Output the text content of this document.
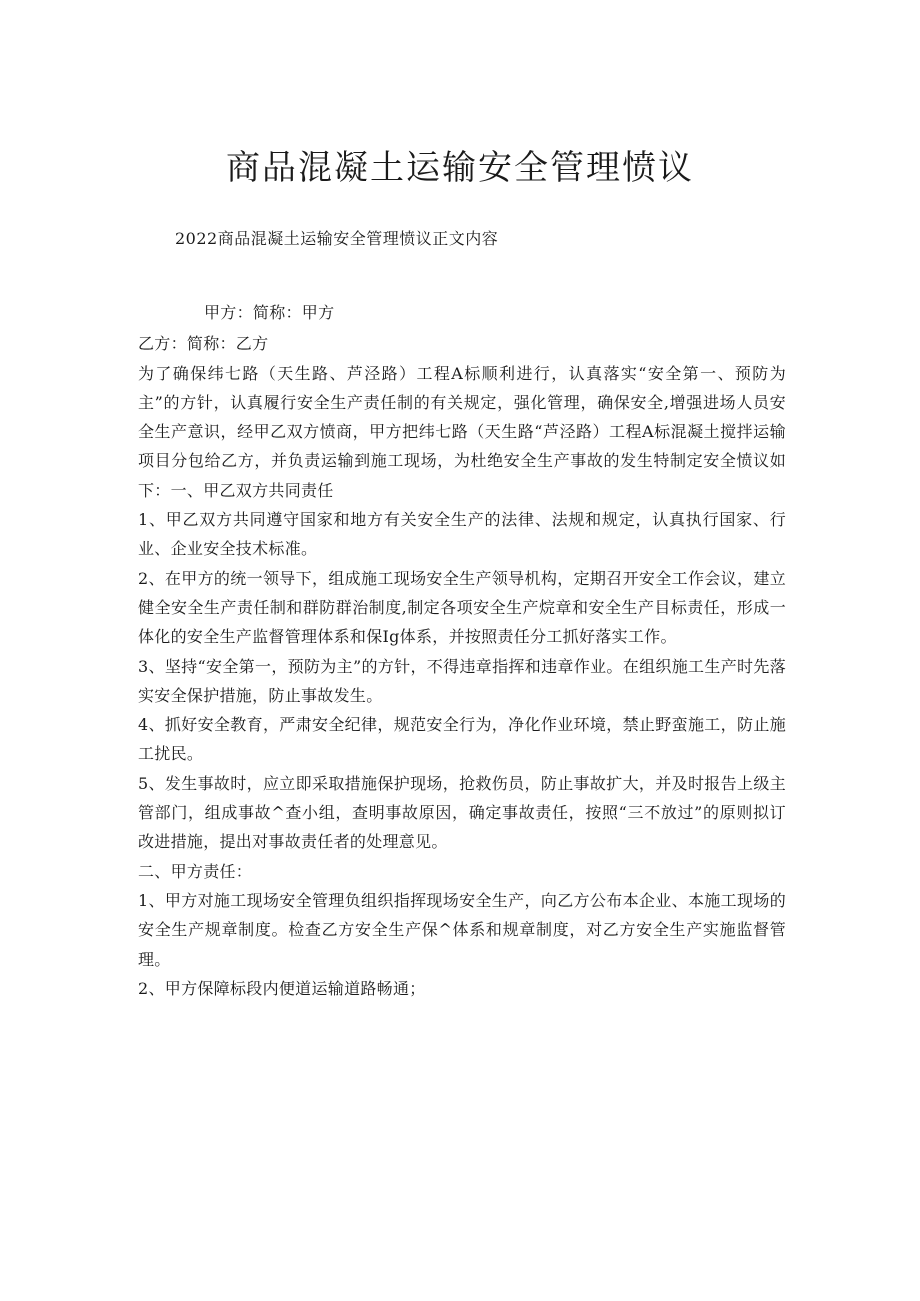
商品混凝土运输安全管理愤议
2022商品混凝土运输安全管理愤议正文内容

甲方：简称：甲方

乙方：简称：乙方

为了确保纬七路（天生路、芦泾路）工程A标顺利进行，认真落实“安全第一、预防为主”的方针，认真履行安全生产责任制的有关规定，强化管理，确保安全,增强进场人员安全生产意识，经甲乙双方愤商，甲方把纬七路（天生路“芦泾路）工程A标混凝土搅拌运输项目分包给乙方，并负责运输到施工现场，为杜绝安全生产事故的发生特制定安全愤议如下：一、甲乙双方共同责任

1、甲乙双方共同遵守国家和地方有关安全生产的法律、法规和规定，认真执行国家、行业、企业安全技术标准。

2、在甲方的统一领导下，组成施工现场安全生产领导机构，定期召开安全工作会议，建立健全安全生产责任制和群防群治制度,制定各项安全生产烷章和安全生产目标责任，形成一体化的安全生产监督管理体系和保Ig体系，并按照责任分工抓好落实工作。

3、坚持“安全第一，预防为主”的方针，不得违章指挥和违章作业。在组织施工生产时先落实安全保护措施，防止事故发生。

4、抓好安全教育，严肃安全纪律，规范安全行为，净化作业环境，禁止野蛮施工，防止施工扰民。

5、发生事故时，应立即采取措施保护现场，抢救伤员，防止事故扩大，并及时报告上级主管部门，组成事故^查小组，查明事故原因，确定事故责任，按照“三不放过”的原则拟订改进措施，提出对事故责任者的处理意见。

二、甲方责任：

1、甲方对施工现场安全管理负组织指挥现场安全生产，向乙方公布本企业、本施工现场的安全生产规章制度。检查乙方安全生产保^体系和规章制度，对乙方安全生产实施监督管理。

2、甲方保障标段内便道运输道路畅通；
